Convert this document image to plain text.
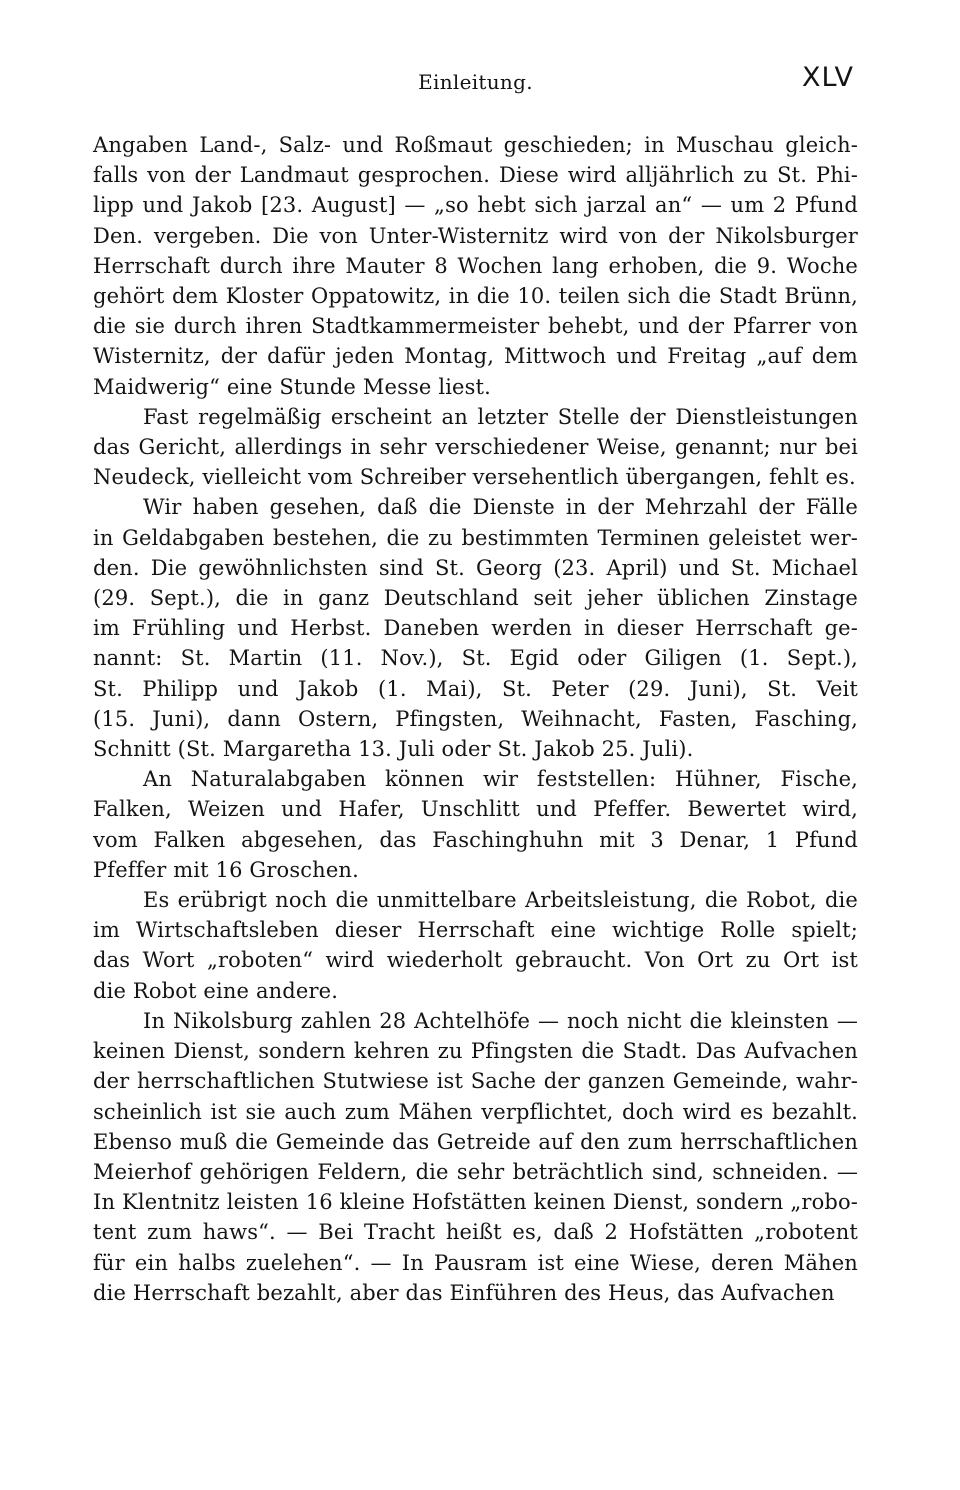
Einleitung.	XLV
Angaben Land-, Salz- und Roßmaut geschieden; in Muschau gleich-
falls von der Landmaut gesprochen. Diese wird alljährlich zu St. Phi-
lipp und Jakob [23. August] — „so hebt sich jarzal an“ — um 2 Pfund
Den. vergeben. Die von Unter-Wisternitz wird von der Nikolsburger
Herrschaft durch ihre Mauter 8 Wochen lang erhoben, die 9. Woche
gehört dem Kloster Oppatowitz, in die 10. teilen sich die Stadt Brünn,
die sie durch ihren Stadtkammermeister behebt, und der Pfarrer von
Wisternitz, der dafür jeden Montag, Mittwoch und Freitag „auf dem
Maidwerig“ eine Stunde Messe liest.
Fast regelmäßig erscheint an letzter Stelle der Dienstleistungen
das Gericht, allerdings in sehr verschiedener Weise, genannt; nur bei
Neudeck, vielleicht vom Schreiber versehentlich übergangen, fehlt es.
Wir haben gesehen, daß die Dienste in der Mehrzahl der Fälle
in Geldabgaben bestehen, die zu bestimmten Terminen geleistet wer-
den. Die gewöhnlichsten sind St. Georg (23. April) und St. Michael
(29. Sept.), die in ganz Deutschland seit jeher üblichen Zinstage
im Frühling und Herbst. Daneben werden in dieser Herrschaft ge-
nannt: St. Martin (11. Nov.), St. Egid oder Giligen (1. Sept.),
St. Philipp und Jakob (1. Mai), St. Peter (29. Juni), St. Veit
(15. Juni), dann Ostern, Pfingsten, Weihnacht, Fasten, Fasching,
Schnitt (St. Margaretha 13. Juli oder St. Jakob 25. Juli).
An Naturalabgaben können wir feststellen: Hühner, Fische,
Falken, Weizen und Hafer, Unschlitt und Pfeffer. Bewertet wird,
vom Falken abgesehen, das Faschinghuhn mit 3 Denar, 1 Pfund
Pfeffer mit 16 Groschen.
Es erübrigt noch die unmittelbare Arbeitsleistung, die Robot, die
im Wirtschaftsleben dieser Herrschaft eine wichtige Rolle spielt;
das Wort „roboten“ wird wiederholt gebraucht. Von Ort zu Ort ist
die Robot eine andere.
In Nikolsburg zahlen 28 Achtelhöfe — noch nicht die kleinsten —
keinen Dienst, sondern kehren zu Pfingsten die Stadt. Das Aufvachen
der herrschaftlichen Stutwiese ist Sache der ganzen Gemeinde, wahr-
scheinlich ist sie auch zum Mähen verpflichtet, doch wird es bezahlt.
Ebenso muß die Gemeinde das Getreide auf den zum herrschaftlichen
Meierhof gehörigen Feldern, die sehr beträchtlich sind, schneiden. —
In Klentnitz leisten 16 kleine Hofstätten keinen Dienst, sondern „robo-
tent zum haws“. — Bei Tracht heißt es, daß 2 Hofstätten „robotent
für ein halbs zuelehen“. — In Pausram ist eine Wiese, deren Mähen
die Herrschaft bezahlt, aber das Einführen des Heus, das Aufvachen
